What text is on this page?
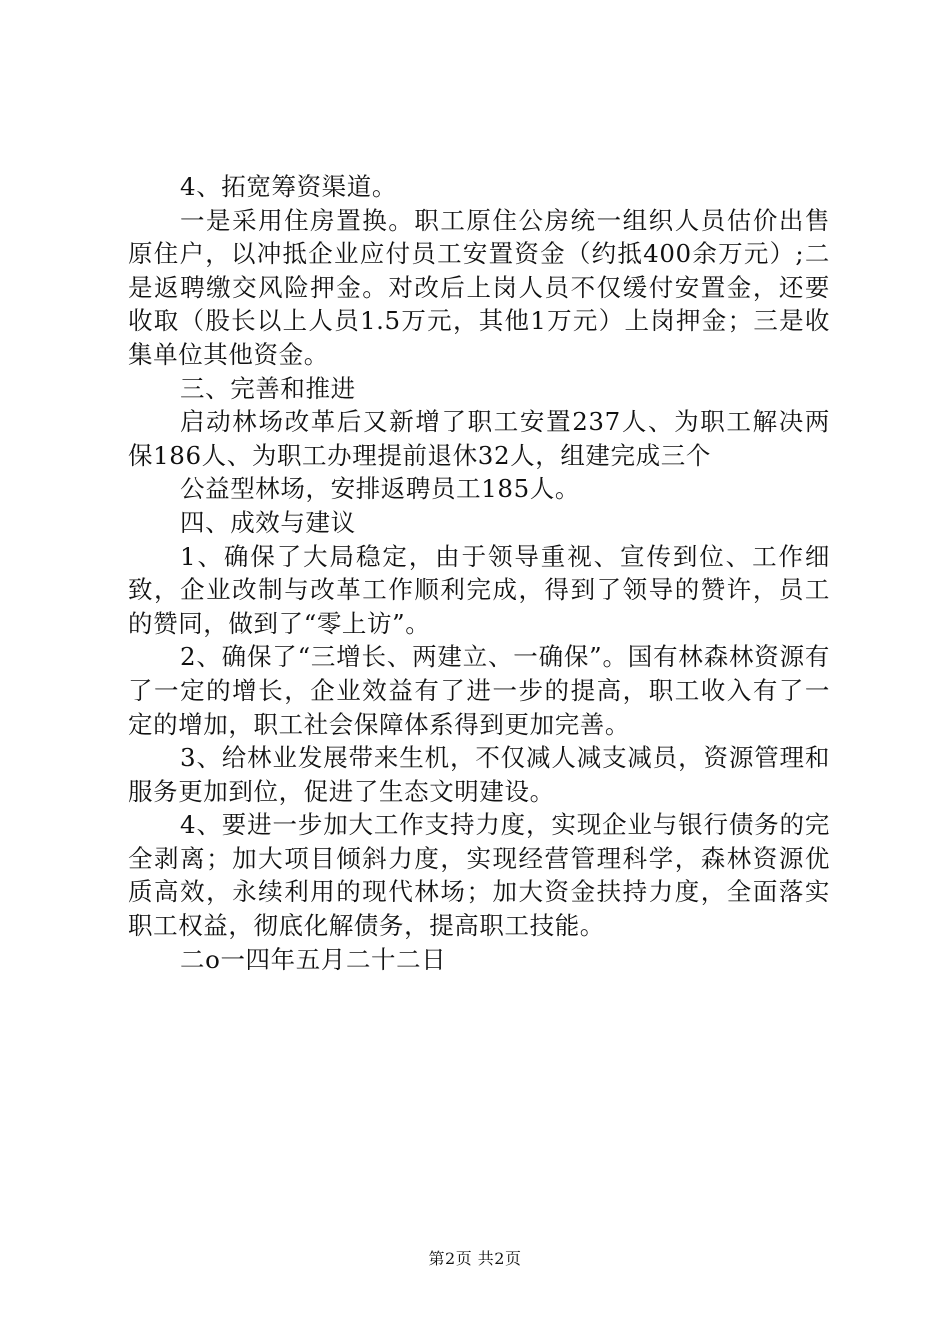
4、拓宽筹资渠道。

一是采用住房置换。职工原住公房统一组织人员估价出售原住户，以冲抵企业应付员工安置资金（约抵400余万元）;二是返聘缴交风险押金。对改后上岗人员不仅缓付安置金，还要收取（股长以上人员1.5万元，其他1万元）上岗押金；三是收集单位其他资金。

三、完善和推进

启动林场改革后又新增了职工安置237人、为职工解决两保186人、为职工办理提前退休32人，组建完成三个

公益型林场，安排返聘员工185人。

四、成效与建议

1、确保了大局稳定，由于领导重视、宣传到位、工作细致，企业改制与改革工作顺利完成，得到了领导的赞许，员工的赞同，做到了“零上访”。

2、确保了“三增长、两建立、一确保”。国有林森林资源有了一定的增长，企业效益有了进一步的提高，职工收入有了一定的增加，职工社会保障体系得到更加完善。

3、给林业发展带来生机，不仅减人减支减员，资源管理和服务更加到位，促进了生态文明建设。

4、要进一步加大工作支持力度，实现企业与银行债务的完全剥离；加大项目倾斜力度，实现经营管理科学，森林资源优质高效，永续利用的现代林场；加大资金扶持力度，全面落实职工权益，彻底化解债务，提高职工技能。

二o一四年五月二十二日

第2页 共2页
